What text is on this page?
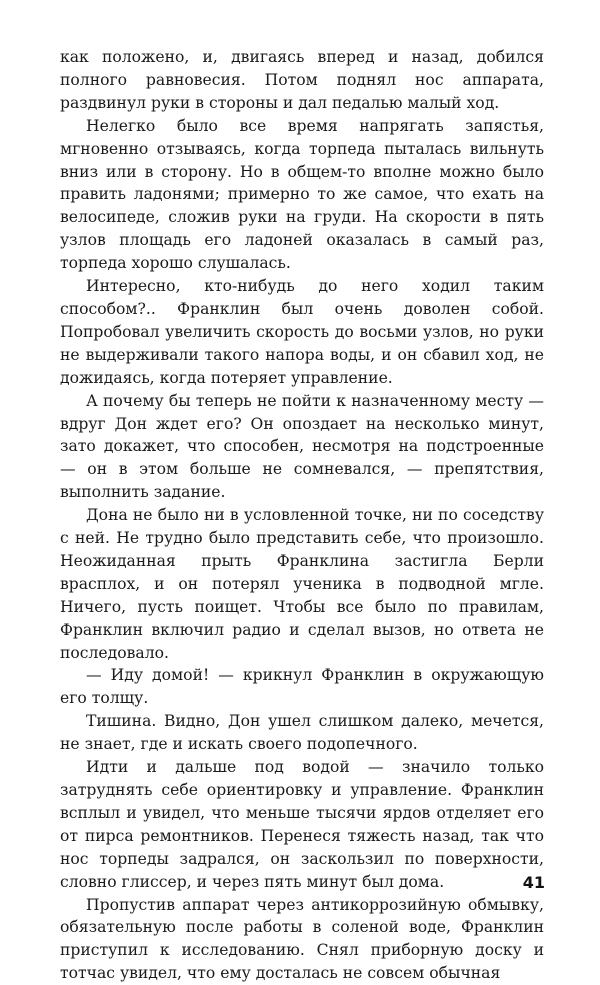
как положено, и, двигаясь вперед и назад, добился полного равновесия. Потом поднял нос аппарата, раздвинул руки в стороны и дал педалью малый ход.

Нелегко было все время напрягать запястья, мгновенно отзываясь, когда торпеда пыталась вильнуть вниз или в сторону. Но в общем-то вполне можно было править ладонями; примерно то же самое, что ехать на велосипеде, сложив руки на груди. На скорости в пять узлов площадь его ладоней оказалась в самый раз, торпеда хорошо слушалась.

Интересно, кто-нибудь до него ходил таким способом?.. Франклин был очень доволен собой. Попробовал увеличить скорость до восьми узлов, но руки не выдерживали такого напора воды, и он сбавил ход, не дожидаясь, когда потеряет управление.

А почему бы теперь не пойти к назначенному месту — вдруг Дон ждет его? Он опоздает на несколько минут, зато докажет, что способен, несмотря на подстроенные — он в этом больше не сомневался, — препятствия, выполнить задание.

Дона не было ни в условленной точке, ни по соседству с ней. Не трудно было представить себе, что произошло. Неожиданная прыть Франклина застигла Берли врасплох, и он потерял ученика в подводной мгле. Ничего, пусть поищет. Чтобы все было по правилам, Франклин включил радио и сделал вызов, но ответа не последовало.

— Иду домой! — крикнул Франклин в окружающую его толщу.

Тишина. Видно, Дон ушел слишком далеко, мечется, не знает, где и искать своего подопечного.

Идти и дальше под водой — значило только затруднять себе ориентировку и управление. Франклин всплыл и увидел, что меньше тысячи ярдов отделяет его от пирса ремонтников. Перенеся тяжесть назад, так что нос торпеды задрался, он заскользил по поверхности, словно глиссер, и через пять минут был дома.

Пропустив аппарат через антикоррозийную обмывку, обязательную после работы в соленой воде, Франклин приступил к исследованию. Снял приборную доску и тотчас увидел, что ему досталась не совсем обычная

41
